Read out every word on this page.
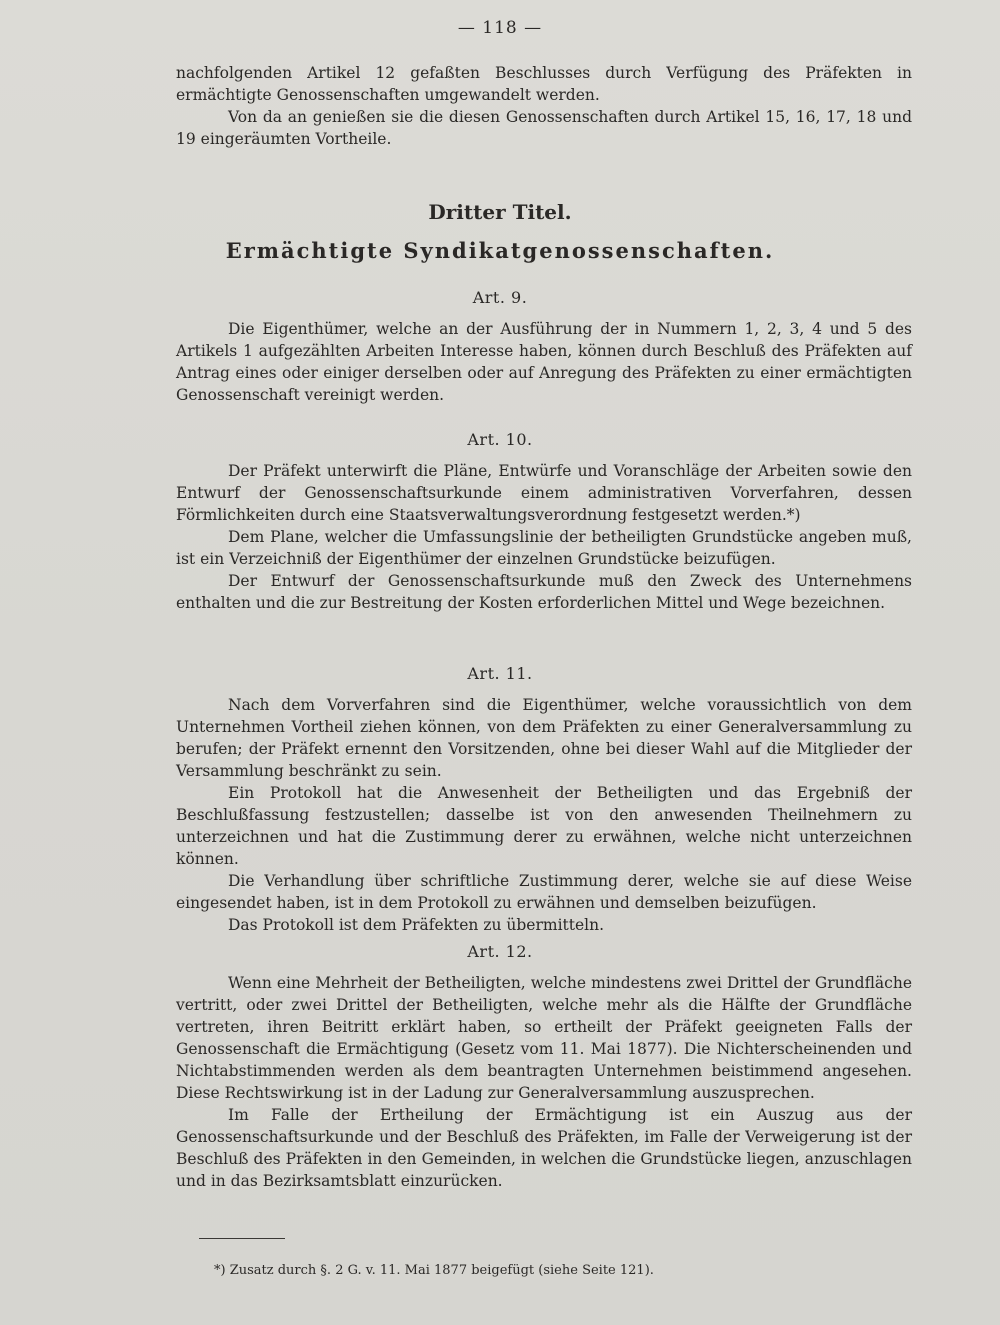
— 118 —

nachfolgenden Artikel 12 gefaßten Beschlusses durch Verfügung des Präfekten in ermächtigte Genossenschaften umgewandelt werden.

Von da an genießen sie die diesen Genossenschaften durch Artikel 15, 16, 17, 18 und 19 eingeräumten Vortheile.

Dritter Titel.
Ermächtigte Syndikatgenossenschaften.
Art. 9.

Die Eigenthümer, welche an der Ausführung der in Nummern 1, 2, 3, 4 und 5 des Artikels 1 aufgezählten Arbeiten Interesse haben, können durch Beschluß des Präfekten auf Antrag eines oder einiger derselben oder auf Anregung des Präfekten zu einer ermächtigten Genossenschaft vereinigt werden.

Art. 10.

Der Präfekt unterwirft die Pläne, Entwürfe und Voranschläge der Arbeiten sowie den Entwurf der Genossenschaftsurkunde einem administrativen Vorverfahren, dessen Förmlichkeiten durch eine Staatsverwaltungsverordnung festgesetzt werden.*)

Dem Plane, welcher die Umfassungslinie der betheiligten Grundstücke angeben muß, ist ein Verzeichniß der Eigenthümer der einzelnen Grundstücke beizufügen.

Der Entwurf der Genossenschaftsurkunde muß den Zweck des Unternehmens enthalten und die zur Bestreitung der Kosten erforderlichen Mittel und Wege bezeichnen.

Art. 11.

Nach dem Vorverfahren sind die Eigenthümer, welche voraussichtlich von dem Unternehmen Vortheil ziehen können, von dem Präfekten zu einer Generalversammlung zu berufen; der Präfekt ernennt den Vorsitzenden, ohne bei dieser Wahl auf die Mitglieder der Versammlung beschränkt zu sein.

Ein Protokoll hat die Anwesenheit der Betheiligten und das Ergebniß der Beschlußfassung festzustellen; dasselbe ist von den anwesenden Theilnehmern zu unterzeichnen und hat die Zustimmung derer zu erwähnen, welche nicht unterzeichnen können.

Die Verhandlung über schriftliche Zustimmung derer, welche sie auf diese Weise eingesendet haben, ist in dem Protokoll zu erwähnen und demselben beizufügen.

Das Protokoll ist dem Präfekten zu übermitteln.

Art. 12.

Wenn eine Mehrheit der Betheiligten, welche mindestens zwei Drittel der Grundfläche vertritt, oder zwei Drittel der Betheiligten, welche mehr als die Hälfte der Grundfläche vertreten, ihren Beitritt erklärt haben, so ertheilt der Präfekt geeigneten Falls der Genossenschaft die Ermächtigung (Gesetz vom 11. Mai 1877). Die Nichterscheinenden und Nichtabstimmenden werden als dem beantragten Unternehmen beistimmend angesehen. Diese Rechtswirkung ist in der Ladung zur Generalversammlung auszusprechen.

Im Falle der Ertheilung der Ermächtigung ist ein Auszug aus der Genossenschaftsurkunde und der Beschluß des Präfekten, im Falle der Verweigerung ist der Beschluß des Präfekten in den Gemeinden, in welchen die Grundstücke liegen, anzuschlagen und in das Bezirksamtsblatt einzurücken.

*) Zusatz durch §. 2 G. v. 11. Mai 1877 beigefügt (siehe Seite 121).
